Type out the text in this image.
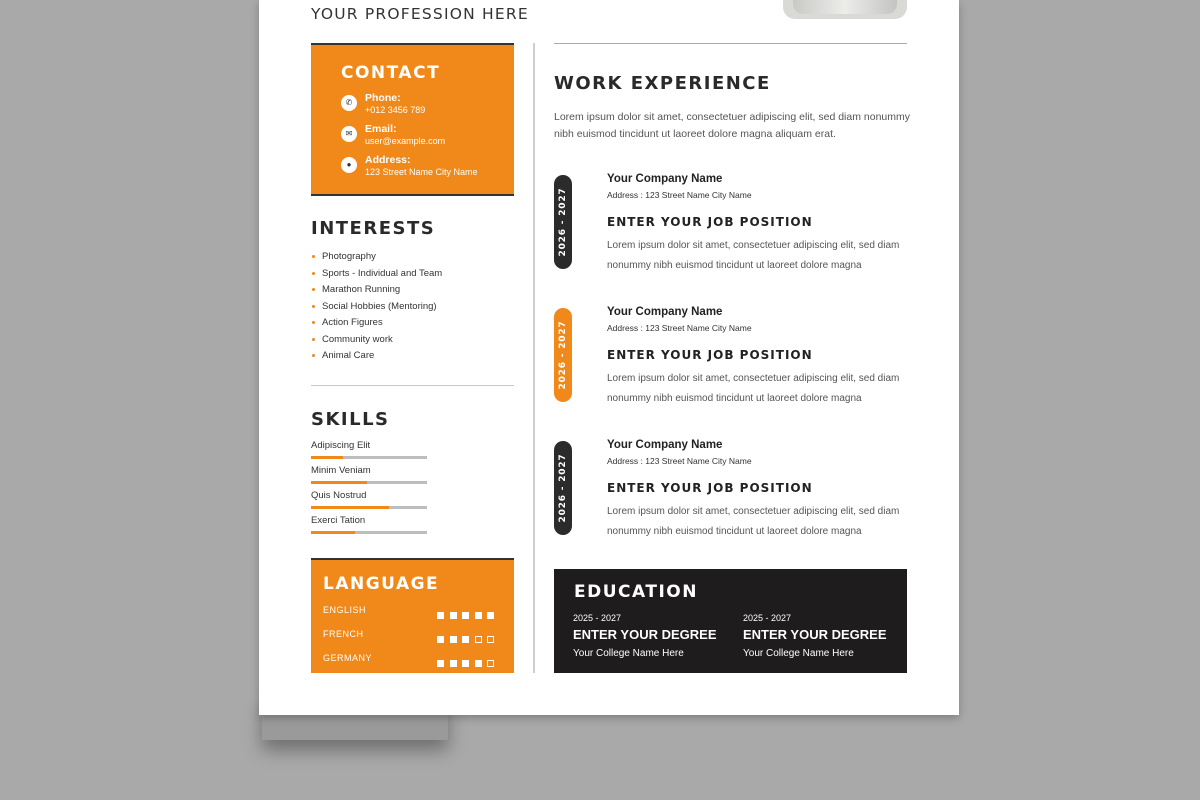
YOUR PROFESSION HERE
CONTACT
✆	Phone:
+012 3456 789
✉	Email:
user@example.com
●	Address:
123 Street Name City Name
INTERESTS
Photography
Sports - Individual and Team
Marathon Running
Social Hobbies (Mentoring)
Action Figures
Community work
Animal Care
SKILLS
Adipiscing Elit
Minim Veniam
Quis Nostrud
Exerci Tation
LANGUAGE
ENGLISH
FRENCH
GERMANY
WORK EXPERIENCE
Lorem ipsum dolor sit amet, consectetuer adipiscing elit, sed diam nonummy nibh euismod tincidunt ut laoreet dolore magna aliquam erat.
2026 - 2027
Your Company Name
Address : 123 Street Name City Name
ENTER YOUR JOB POSITION
Lorem ipsum dolor sit amet, consectetuer adipiscing elit, sed diam nonummy nibh euismod tincidunt ut laoreet dolore magna
2026 - 2027
Your Company Name
Address : 123 Street Name City Name
ENTER YOUR JOB POSITION
Lorem ipsum dolor sit amet, consectetuer adipiscing elit, sed diam nonummy nibh euismod tincidunt ut laoreet dolore magna
2026 - 2027
Your Company Name
Address : 123 Street Name City Name
ENTER YOUR JOB POSITION
Lorem ipsum dolor sit amet, consectetuer adipiscing elit, sed diam nonummy nibh euismod tincidunt ut laoreet dolore magna
EDUCATION
2025 - 2027
ENTER YOUR DEGREE
Your College Name Here
2025 - 2027
ENTER YOUR DEGREE
Your College Name Here
